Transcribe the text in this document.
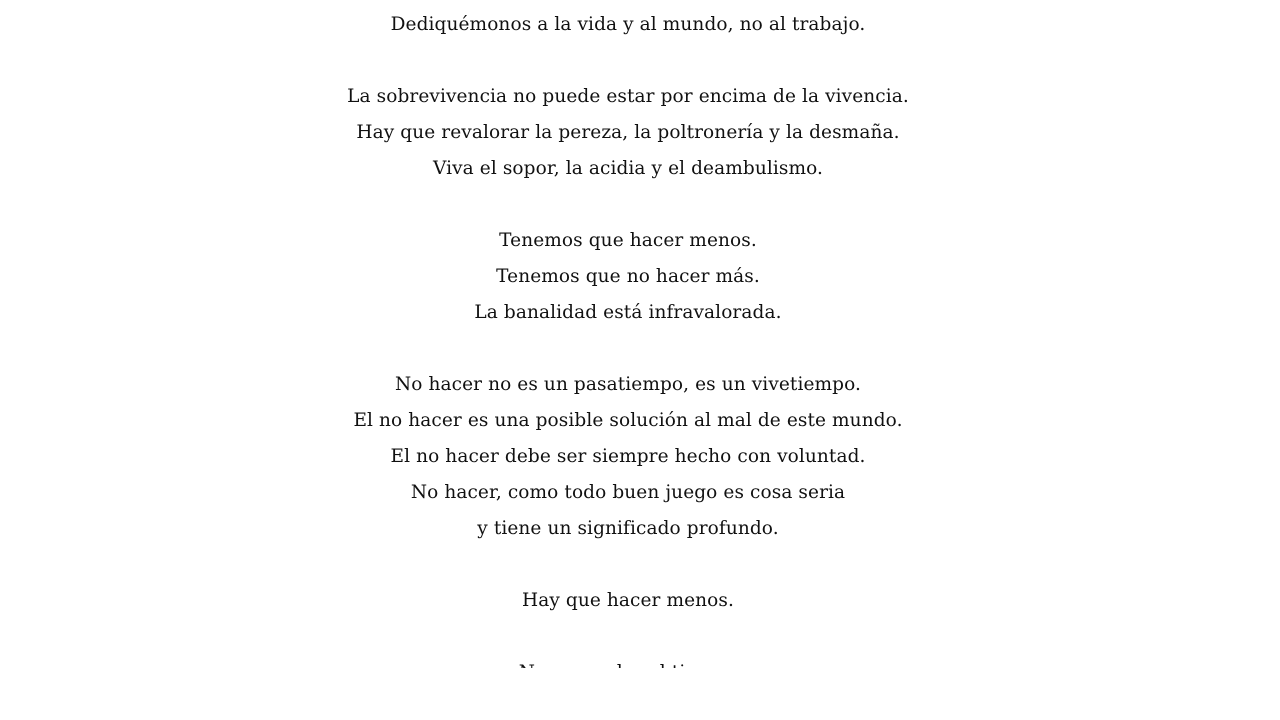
Dediquémonos a la vida y al mundo, no al trabajo.
La sobrevivencia no puede estar por encima de la vivencia.
Hay que revalorar la pereza, la poltronería y la desmaña.
Viva el sopor, la acidia y el deambulismo.
Tenemos que hacer menos.
Tenemos que no hacer más.
La banalidad está infravalorada.
No hacer no es un pasatiempo, es un vivetiempo.
El no hacer es una posible solución al mal de este mundo.
El no hacer debe ser siempre hecho con voluntad.
No hacer, como todo buen juego es cosa seria
y tiene un significado profundo.
Hay que hacer menos.
